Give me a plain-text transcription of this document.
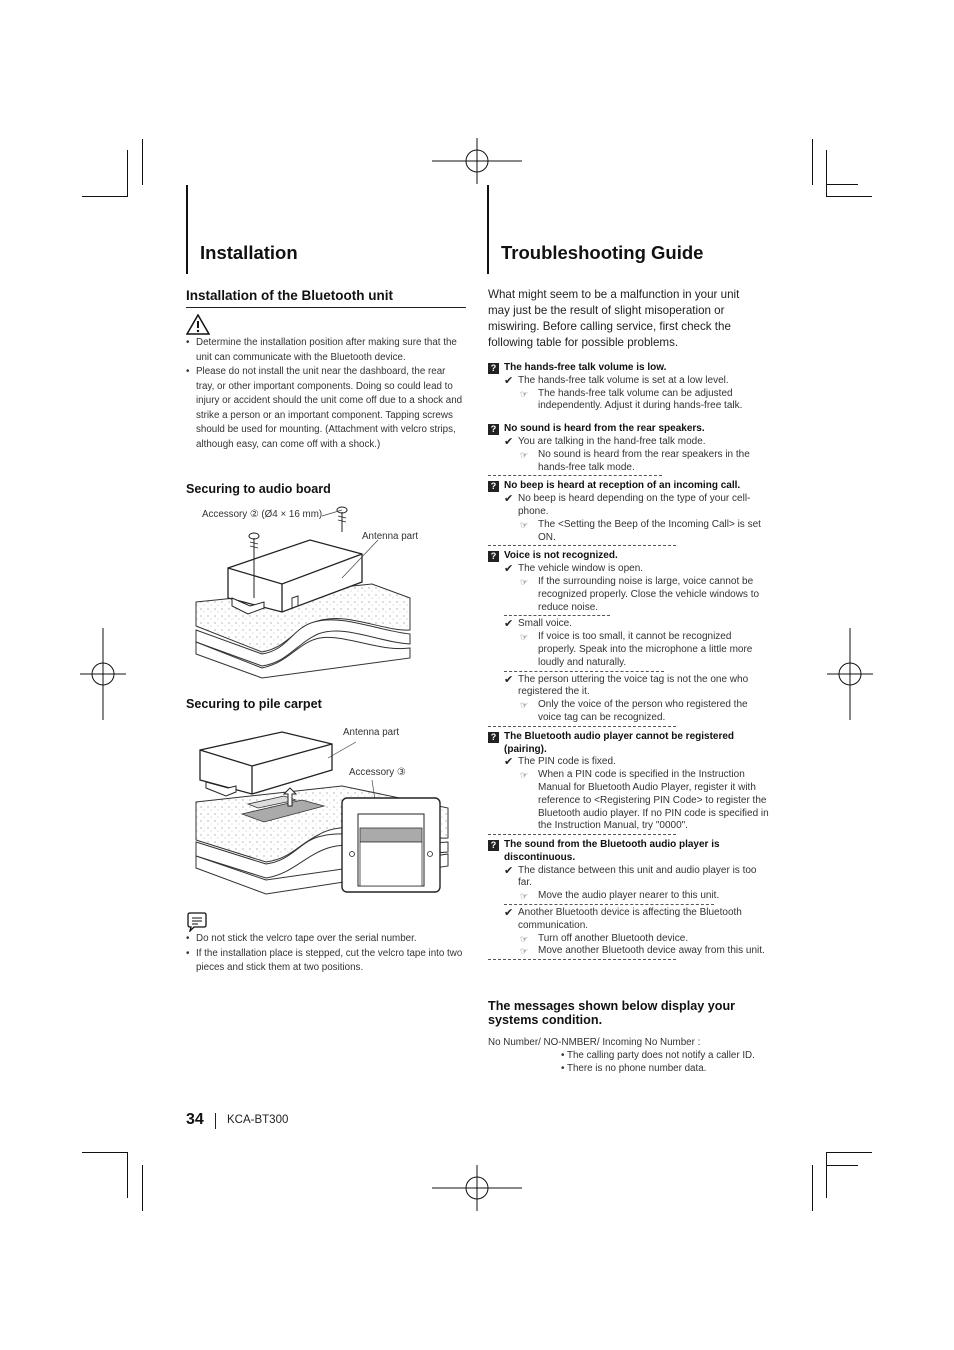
Installation
Installation of the Bluetooth unit
• Determine the installation position after making sure that the unit can communicate with the Bluetooth device.
• Please do not install the unit near the dashboard, the rear tray, or other important components. Doing so could lead to injury or accident should the unit come off due to a shock and strike a person or an important component. Tapping screws should be used for mounting. (Attachment with velcro strips, although easy, can come off with a shock.)
Securing to audio board
Accessory ② (Ø4 × 16 mm)
Antenna part
Securing to pile carpet
Antenna part
Accessory ③
• Do not stick the velcro tape over the serial number.
• If the installation place is stepped, cut the velcro tape into two pieces and stick them at two positions.
Troubleshooting Guide

What might seem to be a malfunction in your unit may just be the result of slight misoperation or miswiring. Before calling service, first check the following table for possible problems.

? The hands-free talk volume is low.
✔ The hands-free talk volume is set at a low level.
☞ The hands-free talk volume can be adjusted independently. Adjust it during hands-free talk.
? No sound is heard from the rear speakers.
✔ You are talking in the hand-free talk mode.
☞ No sound is heard from the rear speakers in the hands-free talk mode.
? No beep is heard at reception of an incoming call.
✔ No beep is heard depending on the type of your cell-phone.
☞ The <Setting the Beep of the Incoming Call> is set ON.
? Voice is not recognized.
✔ The vehicle window is open.
☞ If the surrounding noise is large, voice cannot be recognized properly. Close the vehicle windows to reduce noise.
✔ Small voice.
☞ If voice is too small, it cannot be recognized properly. Speak into the microphone a little more loudly and naturally.
✔ The person uttering the voice tag is not the one who registered the it.
☞ Only the voice of the person who registered the voice tag can be recognized.
? The Bluetooth audio player cannot be registered (pairing).
✔ The PIN code is fixed.
☞ When a PIN code is specified in the Instruction Manual for Bluetooth Audio Player, register it with reference to <Registering PIN Code> to register the Bluetooth audio player. If no PIN code is specified in the Instruction Manual, try "0000".
? The sound from the Bluetooth audio player is discontinuous.
✔ The distance between this unit and audio player is too far.
☞ Move the audio player nearer to this unit.
✔ Another Bluetooth device is affecting the Bluetooth communication.
☞ Turn off another Bluetooth device.
☞ Move another Bluetooth device away from this unit.
The messages shown below display your systems condition.
No Number/ NO-NMBER/ Incoming No Number :
• The calling party does not notify a caller ID.
• There is no phone number data.
34 KCA-BT300
